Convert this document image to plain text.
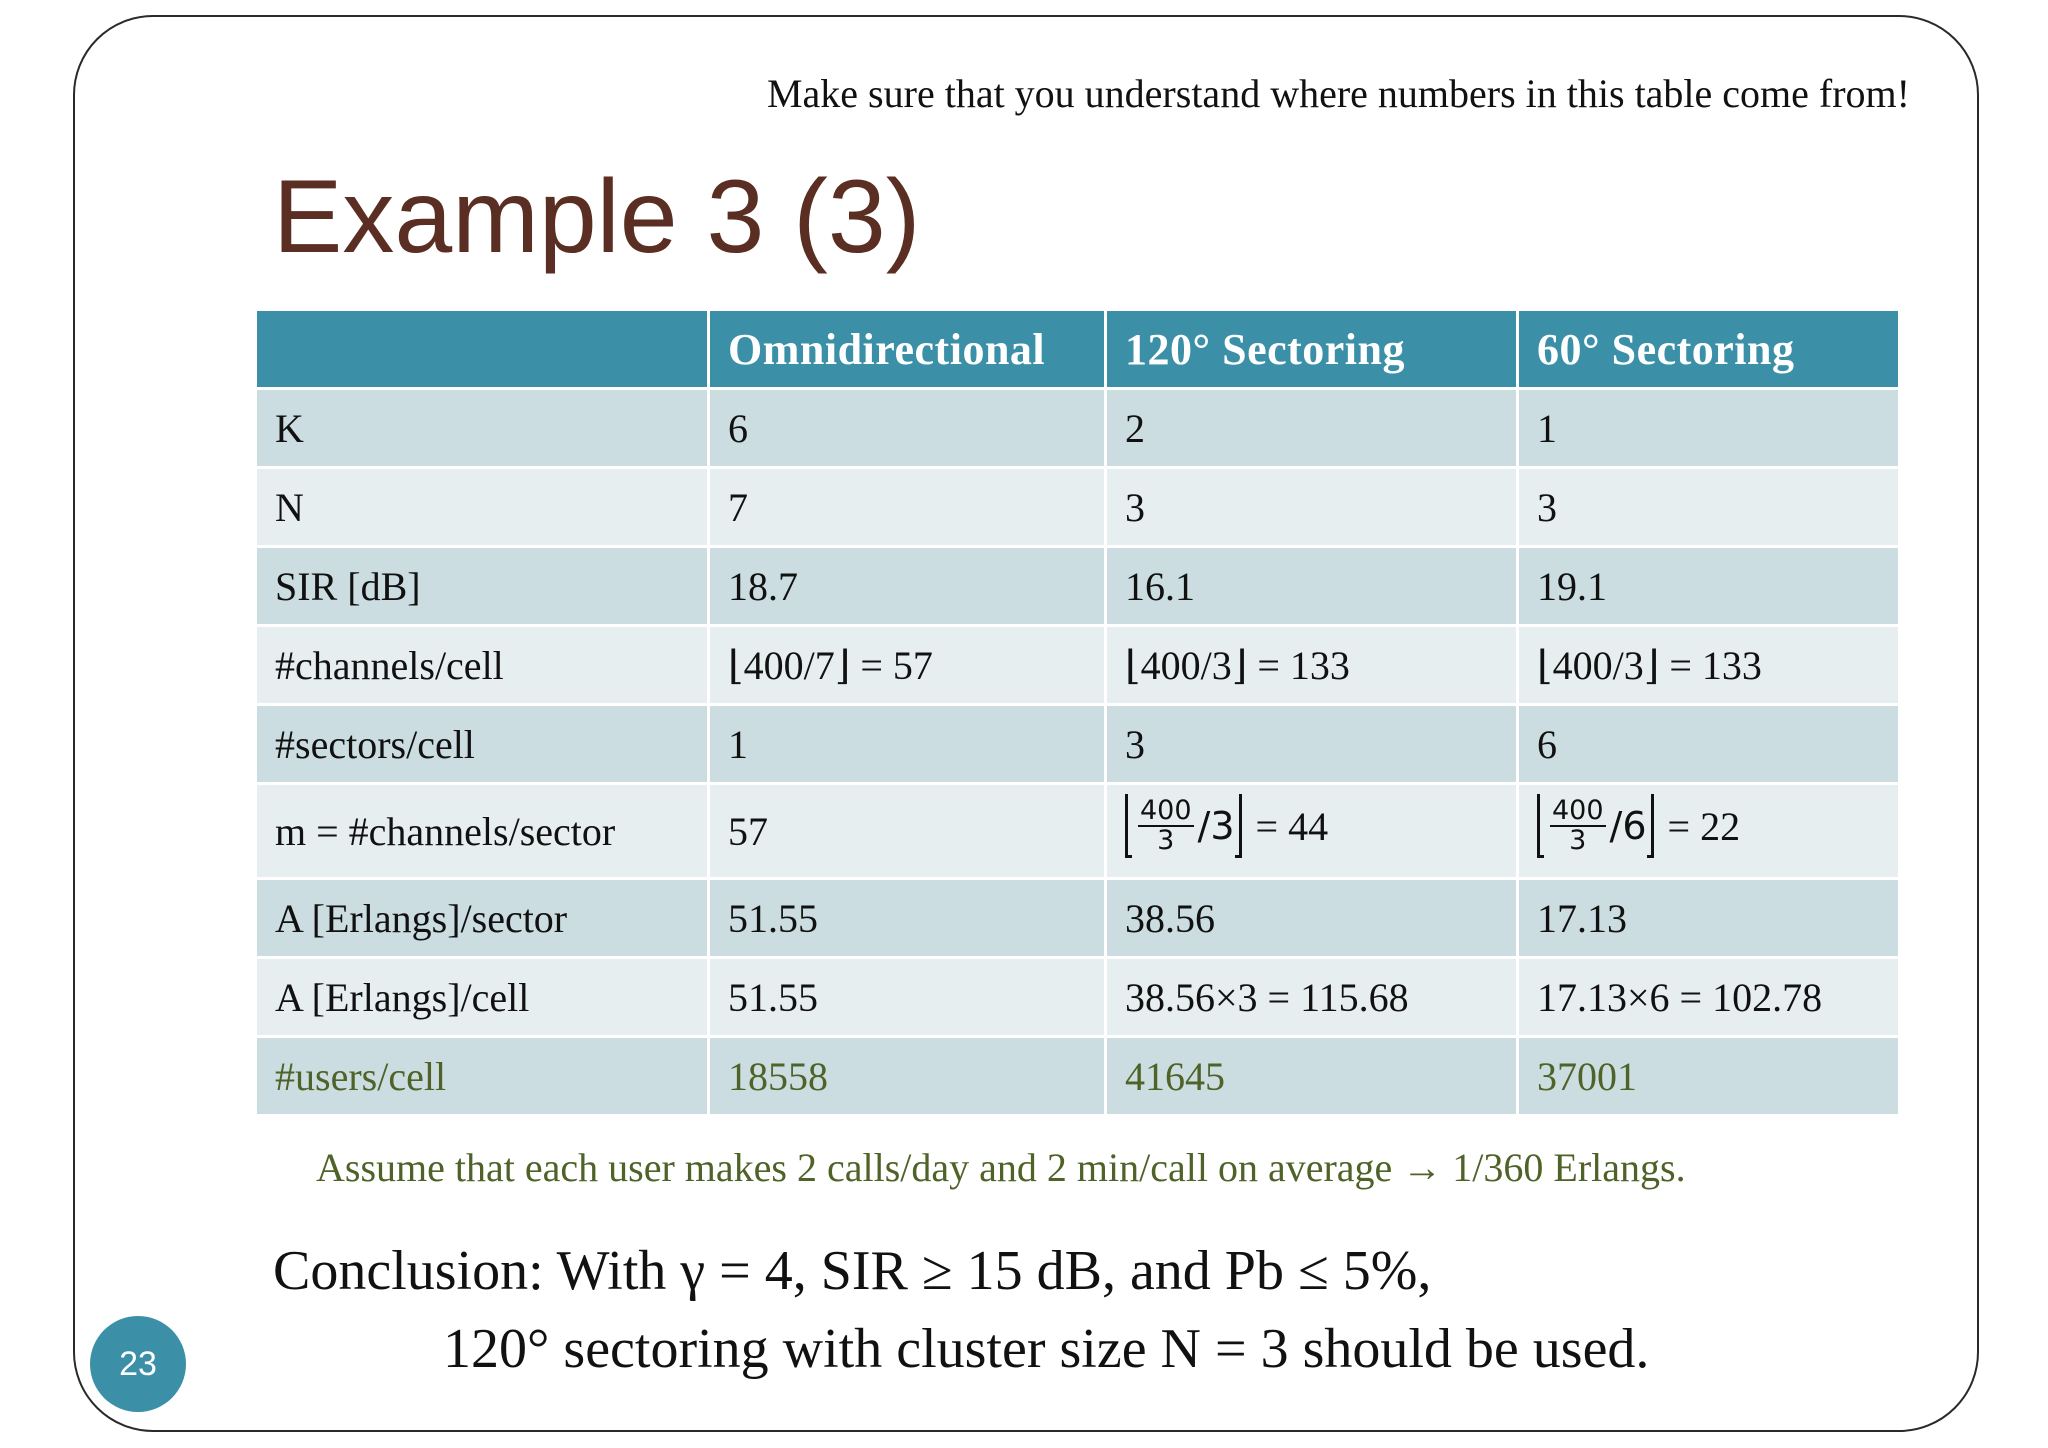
Make sure that you understand where numbers in this table come from!
Example 3 (3)
	Omnidirectional	120° Sectoring	60° Sectoring
K	6	2	1
N	7	3	3
SIR [dB]	18.7	16.1	19.1
#channels/cell	⌊400/7⌋ = 57	⌊400/3⌋ = 133	⌊400/3⌋ = 133
#sectors/cell	1	3	6
m = #channels/sector	57	$\frac{400}{3} /3 = 44$	$\frac{400}{3} /6 = 22$

A [Erlangs]/sector	51.55	38.56	17.13
A [Erlangs]/cell	51.55	38.56×3 = 115.68	17.13×6 = 102.78
#users/cell	18558	41645	37001
Assume that each user makes 2 calls/day and 2 min/call on average → 1/360 Erlangs.
Conclusion: With γ = 4, SIR ≥ 15 dB, and Pb ≤ 5%,
120° sectoring with cluster size N = 3 should be used.
23
